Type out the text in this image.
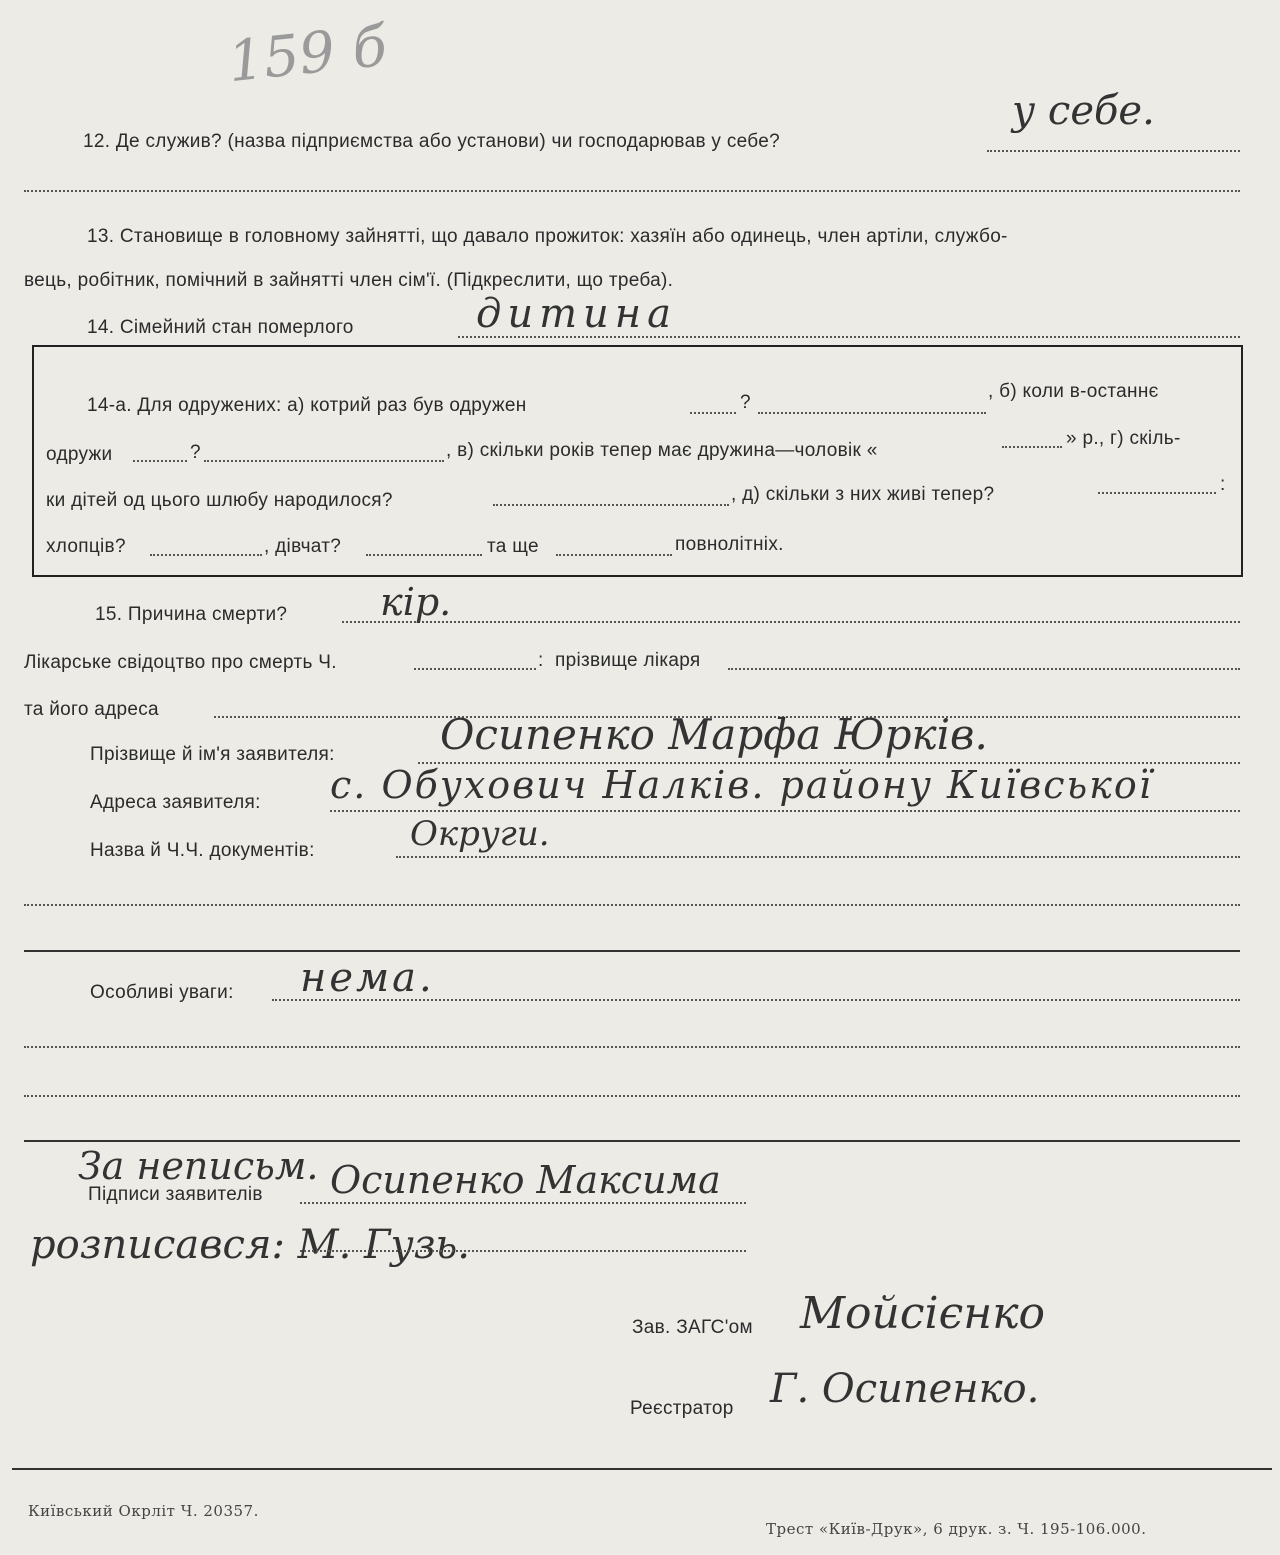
159 б
12. Де служив? (назва підприємства або установи) чи господарював у себе?
у себе.
13. Становище в головному зайнятті, що давало прожиток: хазяїн або одинець, член артіли, службо-
вець, робітник, помічний в зайнятті член сім'ї. (Підкреслити, що треба).
14. Сімейний стан померлого	дитина
14-а. Для одружених: а) котрий раз був одружен	?
, б) коли в-останнє
одружи	?	, в) скільки років тепер має дружина—чоловік «
» р., г) скіль-
ки дітей од цього шлюбу народилося?	, д) скільки з них живі тепер?	:
хлопців?	, дівчат?	та ще	повнолітніх.
15. Причина смерти? кір.
Лікарське свідоцтво про смерть Ч.	: прізвище лікаря
та його адреса
Прізвище й ім'я заявителя:	Осипенко Марфа Юрків.
Адреса заявителя: с. Обухович Налків. району Київської
Назва й Ч.Ч. документів:	Округи.
Особливі уваги: нема.
За неписьм.
Підписи заявителів Осипенко Максима
розписався: М. Гузь.
Зав. ЗАГС'ом Мойсієнко
Реєстратор Г. Осипенко.
Київський Окрліт Ч. 20357.
Трест «Київ-Друк», 6 друк. з. Ч. 195-106.000.
